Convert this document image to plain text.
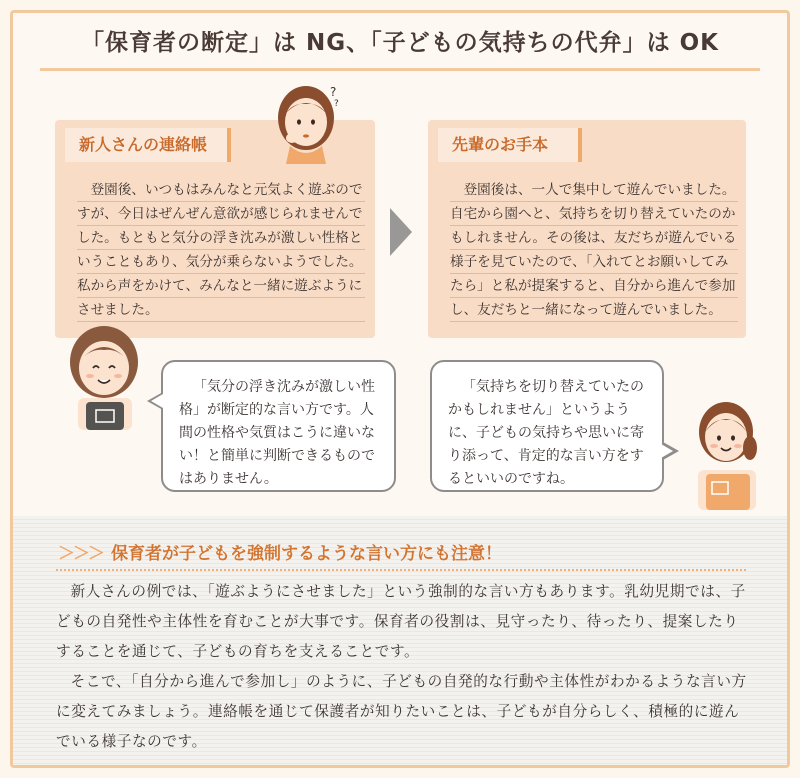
「保育者の断定」は NG、「子どもの気持ちの代弁」は OK
新人さんの連絡帳

登園後、いつもはみんなと元気よく遊ぶのですが、今日はぜんぜん意欲が感じられませんでした。もともと気分の浮き沈みが激しい性格ということもあり、気分が乗らないようでした。私から声をかけて、みんなと一緒に遊ぶようにさせました。

?
?
先輩のお手本

登園後は、一人で集中して遊んでいました。自宅から園へと、気持ちを切り替えていたのかもしれません。その後は、友だちが遊んでいる様子を見ていたので、「入れてとお願いしてみたら」と私が提案すると、自分から進んで参加し、友だちと一緒になって遊んでいました。

「気分の浮き沈みが激しい性格」が断定的な言い方です。人間の性格や気質はこうに違いない！と簡単に判断できるものではありません。

「気持ちを切り替えていたのかもしれません」というように、子どもの気持ちや思いに寄り添って、肯定的な言い方をするといいのですね。

＞＞＞ 保育者が子どもを強制するような言い方にも注意！

新人さんの例では、「遊ぶようにさせました」という強制的な言い方もあります。乳幼児期では、子どもの自発性や主体性を育むことが大事です。保育者の役割は、見守ったり、待ったり、提案したりすることを通じて、子どもの育ちを支えることです。

そこで、「自分から進んで参加し」のように、子どもの自発的な行動や主体性がわかるような言い方に変えてみましょう。連絡帳を通じて保護者が知りたいことは、子どもが自分らしく、積極的に遊んでいる様子なのです。
